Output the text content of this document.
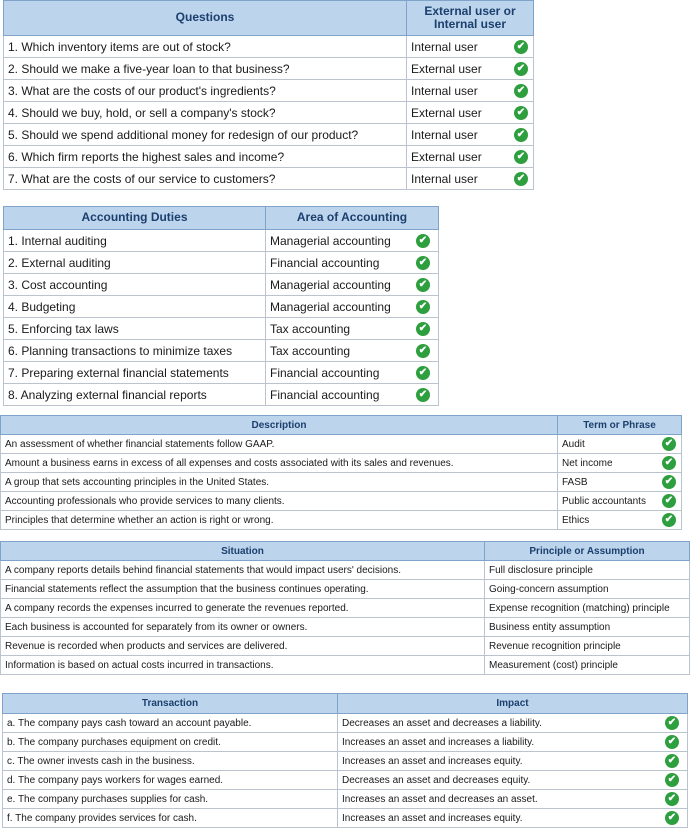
Questions	External user or Internal user
1. Which inventory items are out of stock?	Internal user ✔

2. Should we make a five-year loan to that business?	External user ✔

3. What are the costs of our product's ingredients?	Internal user ✔

4. Should we buy, hold, or sell a company's stock?	External user ✔

5. Should we spend additional money for redesign of our product?	Internal user ✔

6. Which firm reports the highest sales and income?	External user ✔

7. What are the costs of our service to customers?	Internal user ✔
Accounting Duties	Area of Accounting
1. Internal auditing	Managerial accounting ✔

2. External auditing	Financial accounting ✔

3. Cost accounting	Managerial accounting ✔

4. Budgeting	Managerial accounting ✔

5. Enforcing tax laws	Tax accounting ✔

6. Planning transactions to minimize taxes	Tax accounting ✔

7. Preparing external financial statements	Financial accounting ✔

8. Analyzing external financial reports	Financial accounting ✔
Description	Term or Phrase
An assessment of whether financial statements follow GAAP.	Audit ✔

Amount a business earns in excess of all expenses and costs associated with its sales and revenues.	Net income ✔

A group that sets accounting principles in the United States.	FASB ✔

Accounting professionals who provide services to many clients.	Public accountants ✔

Principles that determine whether an action is right or wrong.	Ethics ✔
Situation	Principle or Assumption
A company reports details behind financial statements that would impact users' decisions.	Full disclosure principle
Financial statements reflect the assumption that the business continues operating.	Going-concern assumption
A company records the expenses incurred to generate the revenues reported.	Expense recognition (matching) principle
Each business is accounted for separately from its owner or owners.	Business entity assumption
Revenue is recorded when products and services are delivered.	Revenue recognition principle
Information is based on actual costs incurred in transactions.	Measurement (cost) principle
Transaction	Impact
a. The company pays cash toward an account payable.	Decreases an asset and decreases a liability. ✔

b. The company purchases equipment on credit.	Increases an asset and increases a liability. ✔

c. The owner invests cash in the business.	Increases an asset and increases equity. ✔

d. The company pays workers for wages earned.	Decreases an asset and decreases equity. ✔

e. The company purchases supplies for cash.	Increases an asset and decreases an asset. ✔

f. The company provides services for cash.	Increases an asset and increases equity. ✔
